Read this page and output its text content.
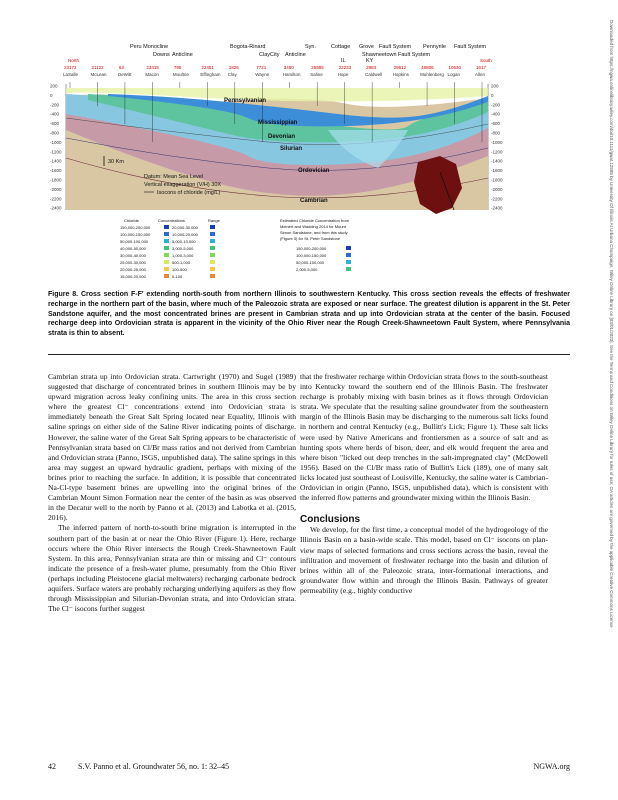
Downloaded from https://ngwa.onlinelibrary.wiley.com/doi/10.1111/gwat.12585 by University Of Illinois At Urbana Champaign, Wiley Online Library on [03/01/2023]. See the Terms and Conditions on Wiley Online Library for rules of use; OA articles are governed by the applicable Creative Commons License
Peru Monocline	Bogota-Rinard	Syn.	Cottage Grove Fault System Pennyrile Fault System
Downs Anticline	ClayCity Anticline	Shawneetown Fault System
North	South
IL	KY
23172
LaSalle
21122
McLean
63
DeWitt
23415
Macon
795
Moultrie
22451
Effingham
1826
Clay
7721
Wayne
3450
Hamilton
25585
Saline
22233
Hope
2883
Caldwell
29612
Hopkins
46806
Muhlenberg
10530
Logan
1617
Allen
200	200
0	0
-200	-200
-400	-400
-600	-600
-800	-800
-1000	-1000
-1200	-1200
-1400	-1400
-1600	-1600
-1800	-1800
-2000	-2000
-2200	-2200
-2400	-2400
Pennsylvanian
Mississippian
Devonian
Silurian
Ordovician
Cambrian
30 Km
Datum: Mean Sea Level
Vertical exaggeration (V/H) 30X
Isocons of chloride (mg/L)
Chloride	Concentrations	Range
150,000-200,000	20,000-30,000
100,000-150,000	10,000-20,000
50,000-100,000	5,000-10,000
40,000-50,000	3,000-5,000
30,000-40,000	1,000-3,000
25,000-30,000	500-1,000
20,000-25,000	100-500
15,000-20,000	0-100
Estimated Chloride Concentration from
Meinert and Wadding 2014 for Mount
Simon Sandstone, and from this study
(Figure 3) for St. Peter Sandstone
150,000-200,000
100,000-150,000
50,000-100,000
2,000-5,000
Figure 8. Cross section F-F′ extending north-south from northern Illinois to southwestern Kentucky. This cross section reveals the effects of freshwater recharge in the northern part of the basin, where much of the Paleozoic strata are exposed or near surface. The greatest dilution is apparent in the St. Peter Sandstone aquifer, and the most concentrated brines are present in Cambrian strata and up into Ordovician strata at the center of the basin. Focused recharge deep into Ordovician strata is apparent in the vicinity of the Ohio River near the Rough Creek-Shawneetown Fault System, where Pennsylvania strata is thin to absent.

Cambrian strata up into Ordovician strata. Cartwright (1970) and Sugel (1989) suggested that discharge of concentrated brines in southern Illinois may be by upward migration across leaky confining units. The area in this cross section where the greatest Cl⁻ concentrations extend into Ordovician strata is immediately beneath the Great Salt Spring located near Equality, Illinois with saline springs on either side of the Saline River indicating points of discharge. However, the saline water of the Great Salt Spring appears to be characteristic of Pennsylvanian strata based on Cl/Br mass ratios and not derived from Cambrian and Ordovician strata (Panno, ISGS, unpublished data). The saline springs in this area may suggest an upward hydraulic gradient, perhaps with mixing of the brines prior to reaching the surface. In addition, it is possible that concentrated Na-Cl-type basement brines are upwelling into the original brines of the Cambrian Mount Simon Formation near the center of the basin as was observed in the Decatur well to the north by Panno et al. (2013) and Labotka et al. (2015, 2016).

The inferred pattern of north-to-south brine migration is interrupted in the southern part of the basin at or near the Ohio River (Figure 1). Here, recharge occurs where the Ohio River intersects the Rough Creek-Shawneetown Fault System. In this area, Pennsylvanian strata are thin or missing and Cl⁻ contours indicate the presence of a fresh-water plume, presumably from the Ohio River (perhaps including Pleistocene glacial meltwaters) recharging carbonate bedrock aquifers. Surface waters are probably recharging underlying aquifers as they flow through Mississippian and Silurian-Devonian strata, and into Ordovician strata. The Cl⁻ isocons further suggest

that the freshwater recharge within Ordovician strata flows to the south-southeast into Kentucky toward the southern end of the Illinois Basin. The freshwater recharge is probably mixing with basin brines as it flows through Ordovician strata. We speculate that the resulting saline groundwater from the southeastern margin of the Illinois Basin may be discharging to the numerous salt licks found in northern and central Kentucky (e.g., Bullitt's Lick; Figure 1). These salt licks were used by Native Americans and frontiersmen as a source of salt and as hunting spots where herds of bison, deer, and elk would frequent the area and where bison "licked out deep trenches in the salt-impregnated clay" (McDowell 1956). Based on the Cl/Br mass ratio of Bullitt's Lick (189), one of many salt licks located just southeast of Louisville, Kentucky, the saline water is Cambrian-Ordovician in origin (Panno, ISGS, unpublished data), which is consistent with the inferred flow patterns and groundwater mixing within the Illinois Basin.

Conclusions

We develop, for the first time, a conceptual model of the hydrogeology of the Illinois Basin on a basin-wide scale. This model, based on Cl⁻ isocons on plan-view maps of selected formations and cross sections across the basin, reveal the infiltration and movement of freshwater recharge into the basin and dilution of brines within all of the Paleozoic strata, inter-formational interactions, and groundwater flow within and through the Illinois Basin. Pathways of greater permeability (e.g., highly conductive

42	S.V. Panno et al. Groundwater 56, no. 1: 32–45	NGWA.org
